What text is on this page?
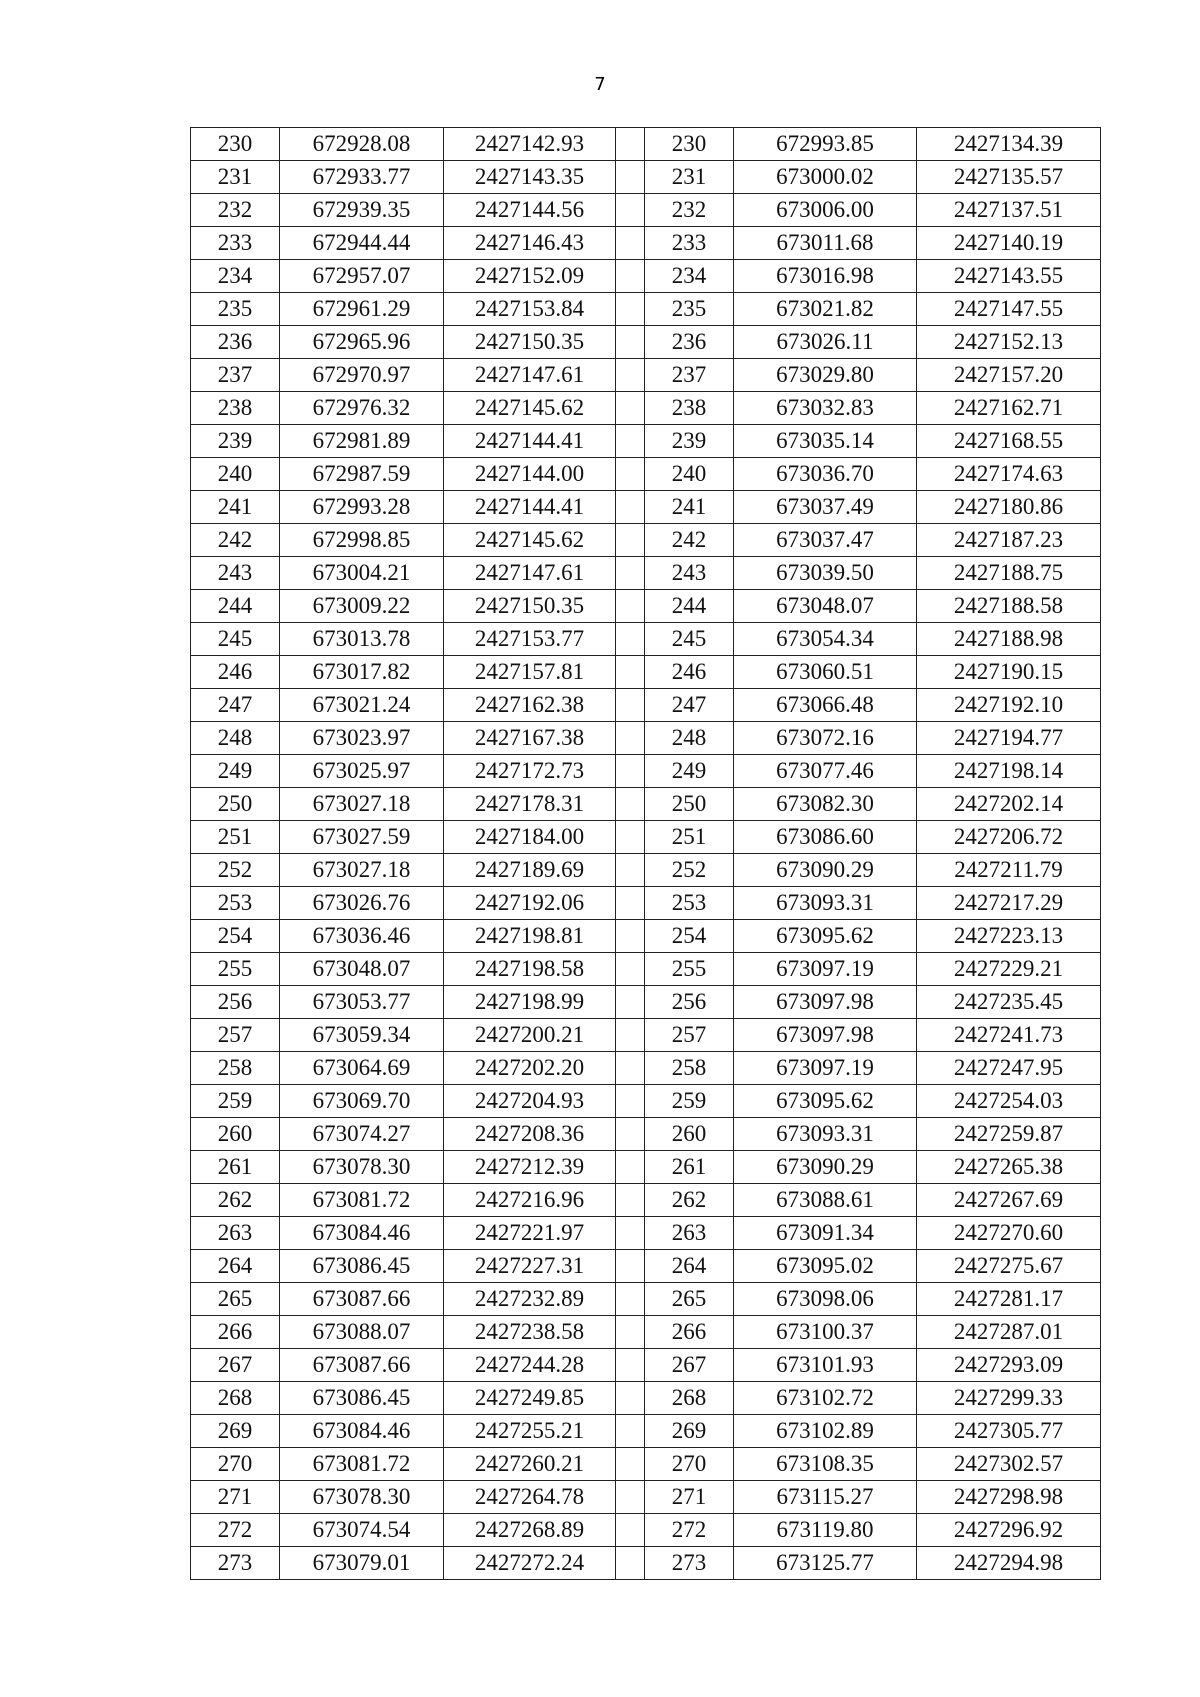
7
230	672928.08	2427142.93		230	672993.85	2427134.39
231	672933.77	2427143.35		231	673000.02	2427135.57
232	672939.35	2427144.56		232	673006.00	2427137.51
233	672944.44	2427146.43		233	673011.68	2427140.19
234	672957.07	2427152.09		234	673016.98	2427143.55
235	672961.29	2427153.84		235	673021.82	2427147.55
236	672965.96	2427150.35		236	673026.11	2427152.13
237	672970.97	2427147.61		237	673029.80	2427157.20
238	672976.32	2427145.62		238	673032.83	2427162.71
239	672981.89	2427144.41		239	673035.14	2427168.55
240	672987.59	2427144.00		240	673036.70	2427174.63
241	672993.28	2427144.41		241	673037.49	2427180.86
242	672998.85	2427145.62		242	673037.47	2427187.23
243	673004.21	2427147.61		243	673039.50	2427188.75
244	673009.22	2427150.35		244	673048.07	2427188.58
245	673013.78	2427153.77		245	673054.34	2427188.98
246	673017.82	2427157.81		246	673060.51	2427190.15
247	673021.24	2427162.38		247	673066.48	2427192.10
248	673023.97	2427167.38		248	673072.16	2427194.77
249	673025.97	2427172.73		249	673077.46	2427198.14
250	673027.18	2427178.31		250	673082.30	2427202.14
251	673027.59	2427184.00		251	673086.60	2427206.72
252	673027.18	2427189.69		252	673090.29	2427211.79
253	673026.76	2427192.06		253	673093.31	2427217.29
254	673036.46	2427198.81		254	673095.62	2427223.13
255	673048.07	2427198.58		255	673097.19	2427229.21
256	673053.77	2427198.99		256	673097.98	2427235.45
257	673059.34	2427200.21		257	673097.98	2427241.73
258	673064.69	2427202.20		258	673097.19	2427247.95
259	673069.70	2427204.93		259	673095.62	2427254.03
260	673074.27	2427208.36		260	673093.31	2427259.87
261	673078.30	2427212.39		261	673090.29	2427265.38
262	673081.72	2427216.96		262	673088.61	2427267.69
263	673084.46	2427221.97		263	673091.34	2427270.60
264	673086.45	2427227.31		264	673095.02	2427275.67
265	673087.66	2427232.89		265	673098.06	2427281.17
266	673088.07	2427238.58		266	673100.37	2427287.01
267	673087.66	2427244.28		267	673101.93	2427293.09
268	673086.45	2427249.85		268	673102.72	2427299.33
269	673084.46	2427255.21		269	673102.89	2427305.77
270	673081.72	2427260.21		270	673108.35	2427302.57
271	673078.30	2427264.78		271	673115.27	2427298.98
272	673074.54	2427268.89		272	673119.80	2427296.92
273	673079.01	2427272.24		273	673125.77	2427294.98
